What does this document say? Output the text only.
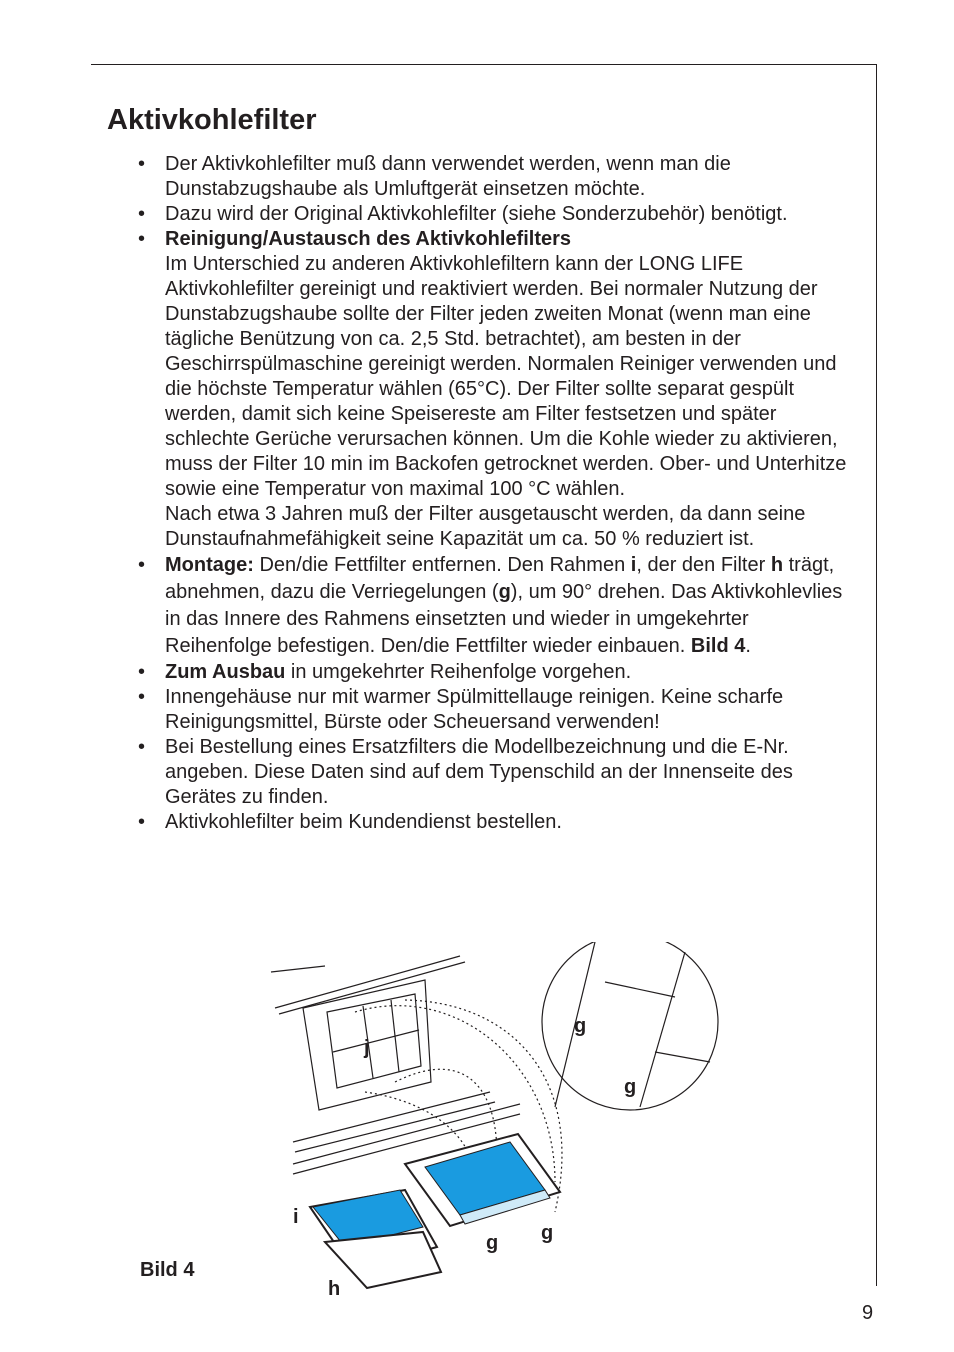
Aktivkohlefilter
• Der Aktivkohlefilter muß dann verwendet werden, wenn man die Dunstabzugshaube als Umluftgerät einsetzen möchte.
• Dazu wird der Original Aktivkohlefilter (siehe Sonderzubehör) benötigt.
• Reinigung/Austausch des Aktivkohlefilters
Im Unterschied zu anderen Aktivkohlefiltern kann der LONG LIFE Aktivkohlefilter gereinigt und reaktiviert werden. Bei normaler Nutzung der Dunstabzugshaube sollte der Filter jeden zweiten Monat (wenn man eine tägliche Benützung von ca. 2,5 Std. betrachtet), am besten in der Geschirrspülmaschine gereinigt werden. Normalen Reiniger verwenden und die höchste Temperatur wählen (65°C). Der Filter sollte separat gespült werden, damit sich keine Speisereste am Filter festsetzen und später schlechte Gerüche verursachen können. Um die Kohle wieder zu aktivieren, muss der Filter 10 min im Backofen getrocknet werden. Ober- und Unterhitze sowie eine Temperatur von maximal 100 °C wählen.
Nach etwa 3 Jahren muß der Filter ausgetauscht werden, da dann seine Dunstaufnahmefähigkeit seine Kapazität um ca. 50 % reduziert ist.
• Montage: Den/die Fettfilter entfernen. Den Rahmen i, der den Filter h trägt, abnehmen, dazu die Verriegelungen (g), um 90° drehen. Das Aktivkohlevlies in das Innere des Rahmens einsetzten und wieder in umgekehrter Reihenfolge befestigen. Den/die Fettfilter wieder einbauen. Bild 4.
• Zum Ausbau in umgekehrter Reihenfolge vorgehen.
• Innengehäuse nur mit warmer Spülmittellauge reinigen. Keine scharfe Reinigungsmittel, Bürste oder Scheuersand verwenden!
• Bei Bestellung eines Ersatzfilters die Modellbezeichnung und die E-Nr. angeben. Diese Daten sind auf dem Typenschild an der Innenseite des Gerätes zu finden.
• Aktivkohlefilter beim Kundendienst bestellen.
j
i
h
g g
g
g
Bild 4
9
